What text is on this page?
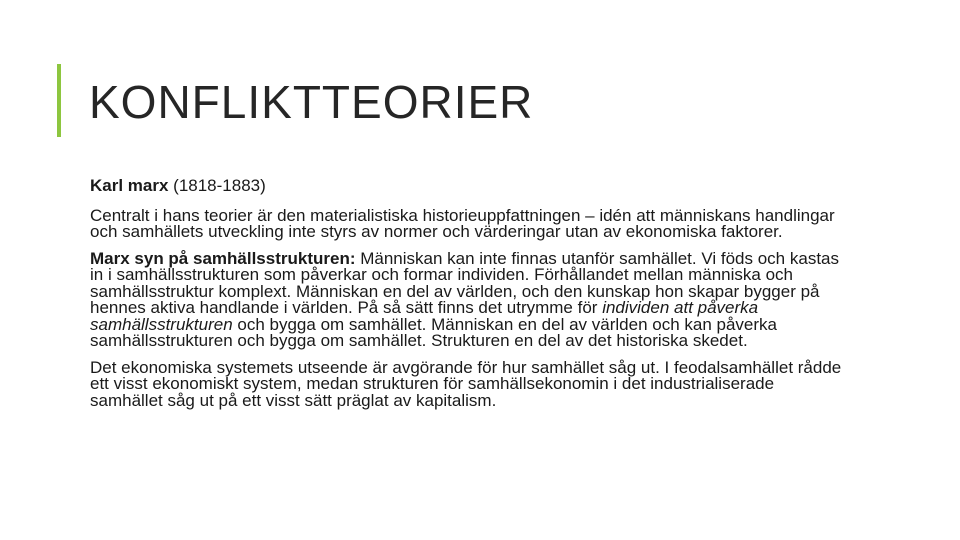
KONFLIKTTEORIER

Karl marx (1818-1883)

Centralt i hans teorier är den materialistiska historieuppfattningen – idén att människans handlingar och samhällets utveckling inte styrs av normer och värderingar utan av ekonomiska faktorer.

Marx syn på samhällsstrukturen: Människan kan inte finnas utanför samhället. Vi föds och kastas in i samhällsstrukturen som påverkar och formar individen. Förhållandet mellan människa och samhällsstruktur komplext. Människan en del av världen, och den kunskap hon skapar bygger på hennes aktiva handlande i världen. På så sätt finns det utrymme för individen att påverka samhällsstrukturen och bygga om samhället. Människan en del av världen och kan påverka samhällsstrukturen och bygga om samhället. Strukturen en del av det historiska skedet.

Det ekonomiska systemets utseende är avgörande för hur samhället såg ut. I feodalsamhället rådde ett visst ekonomiskt system, medan strukturen för samhällsekonomin i det industrialiserade samhället såg ut på ett visst sätt präglat av kapitalism.
